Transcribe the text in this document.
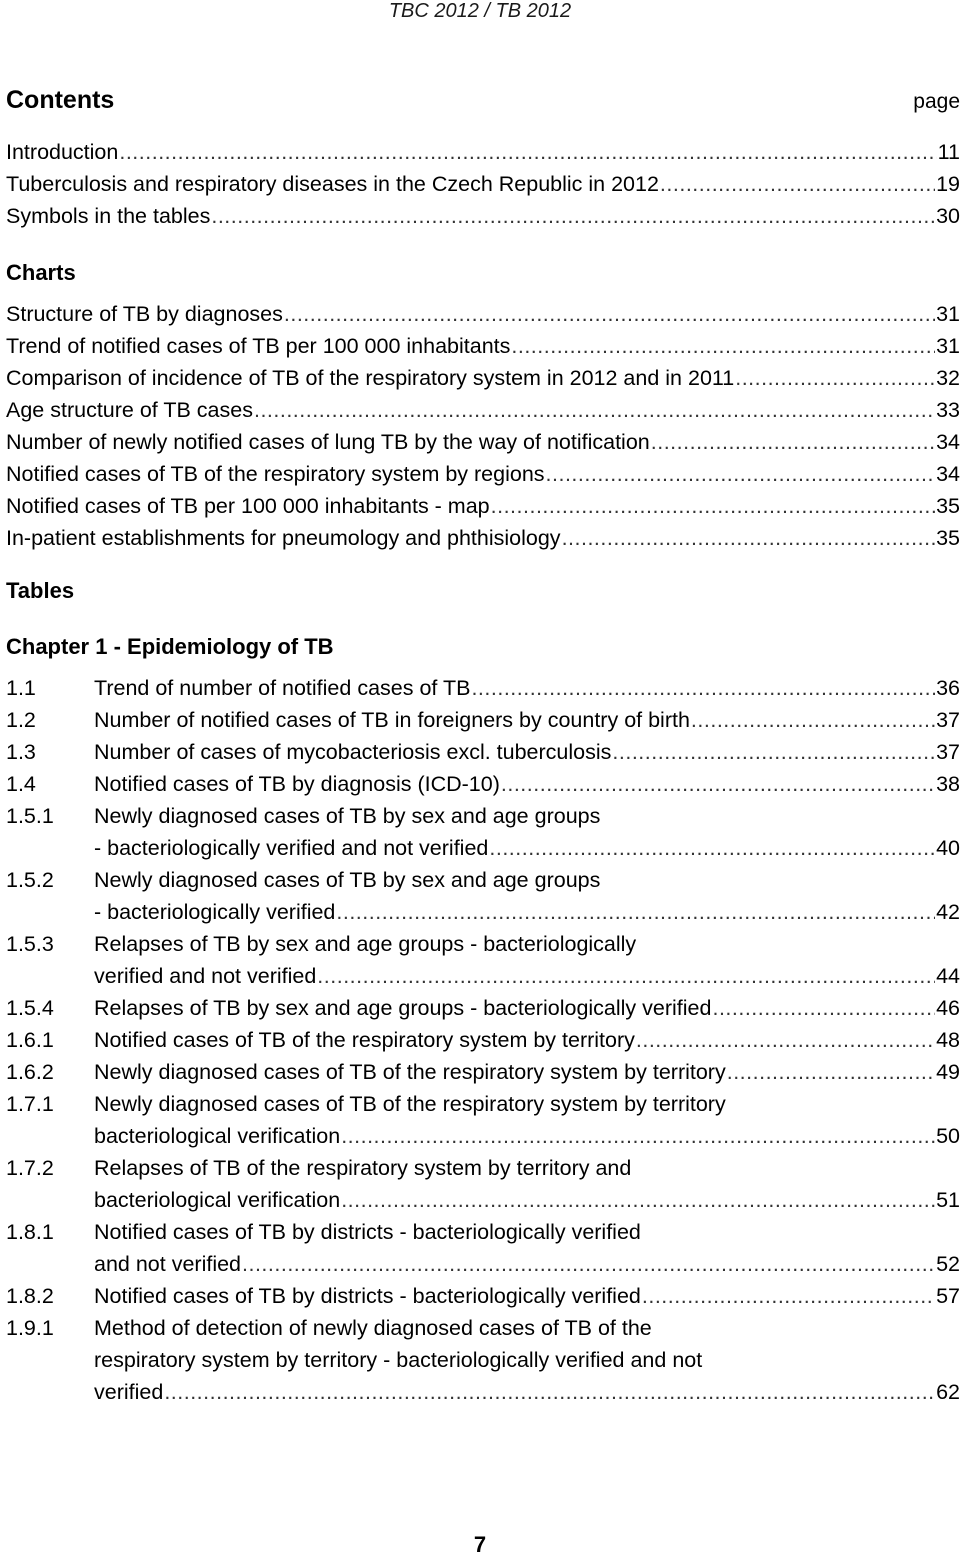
TBC 2012 / TB 2012
Contents	page
Introduction .....	11
Tuberculosis and respiratory diseases in the Czech Republic in 2012 .....	19
Symbols in the tables .....	30
Charts
Structure of TB by diagnoses .....	31
Trend of notified cases of TB per 100 000 inhabitants .....	31
Comparison of incidence of TB of the respiratory system in 2012 and in 2011 .....	32
Age structure of TB cases .....	33
Number of newly notified cases of lung TB by the way of notification .....	34
Notified cases of TB of the respiratory system by regions .....	34
Notified cases of TB per 100 000 inhabitants - map .....	35
In-patient establishments for pneumology and phthisiology .....	35
Tables
Chapter 1 - Epidemiology of TB
1.1	Trend of number of notified cases of TB .....	36
1.2	Number of notified cases of TB in foreigners by country of birth .....	37
1.3	Number of cases of mycobacteriosis excl. tuberculosis .....	37
1.4	Notified cases of TB by diagnosis (ICD-10) .....	38
1.5.1 Newly diagnosed cases of TB by sex and age groups
- bacteriologically verified and not verified .....	40
1.5.2 Newly diagnosed cases of TB by sex and age groups
- bacteriologically verified .....	42
1.5.3 Relapses of TB by sex and age groups - bacteriologically
verified and not verified .....	44
1.5.4 Relapses of TB by sex and age groups - bacteriologically verified .....	46
1.6.1 Notified cases of TB of the respiratory system by territory .....	48
1.6.2 Newly diagnosed cases of TB of the respiratory system by territory .....	49
1.7.1 Newly diagnosed cases of TB of the respiratory system by territory
bacteriological verification .....	50
1.7.2 Relapses of TB of the respiratory system by territory and
bacteriological verification .....	51
1.8.1 Notified cases of TB by districts - bacteriologically verified
and not verified .....	52
1.8.2 Notified cases of TB by districts - bacteriologically verified .....	57
1.9.1 Method of detection of newly diagnosed cases of TB of the
respiratory system by territory - bacteriologically verified and not
verified .....	62
7
